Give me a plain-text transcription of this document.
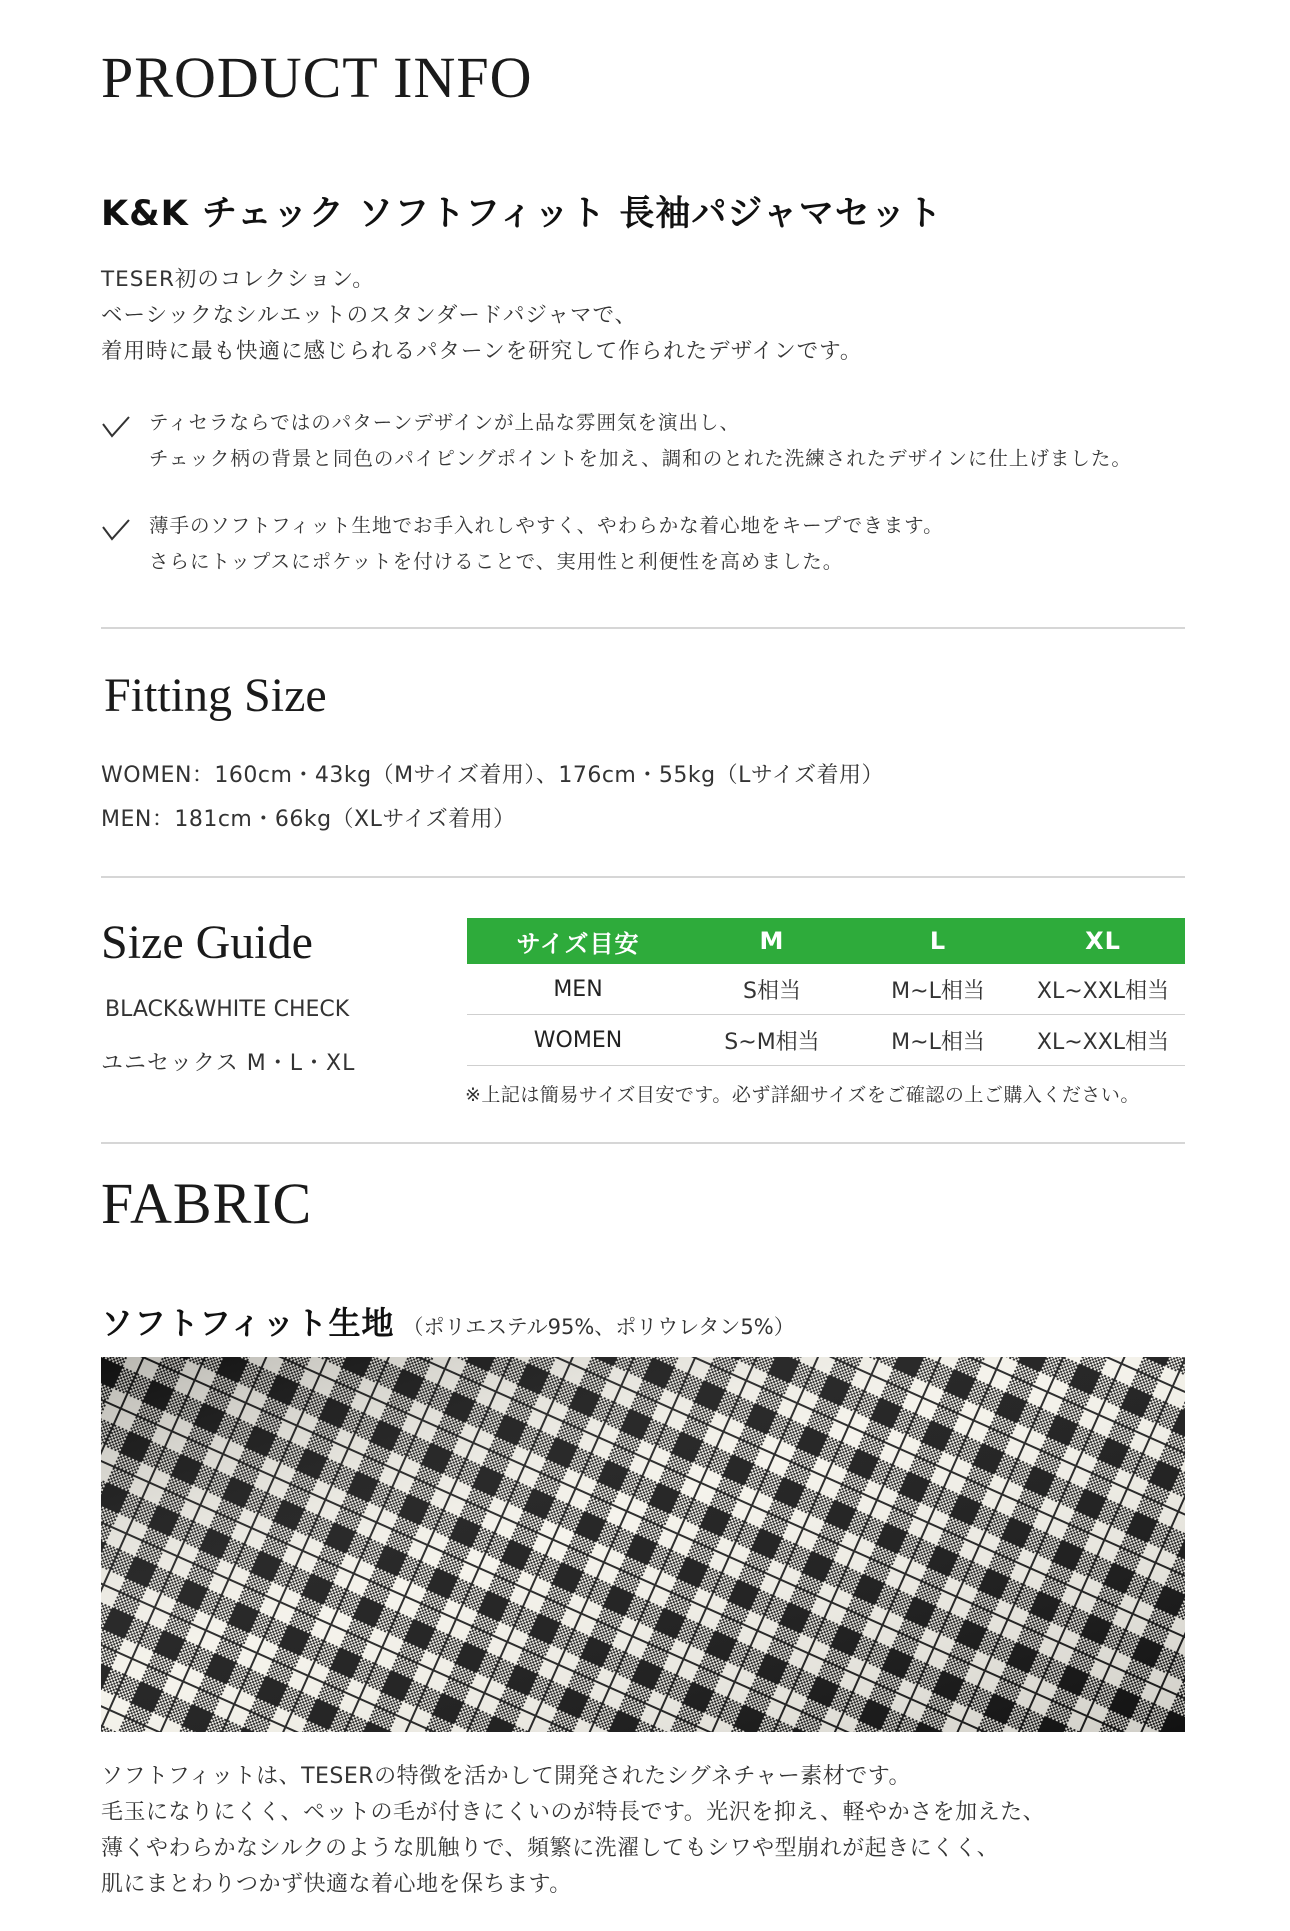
PRODUCT INFO
K&K チェック ソフトフィット 長袖パジャマセット
TESER初のコレクション。
ベーシックなシルエットのスタンダードパジャマで、
着用時に最も快適に感じられるパターンを研究して作られたデザインです。
ティセラならではのパターンデザインが上品な雰囲気を演出し、
チェック柄の背景と同色のパイピングポイントを加え、調和のとれた洗練されたデザインに仕上げました。
薄手のソフトフィット生地でお手入れしやすく、やわらかな着心地をキープできます。
さらにトップスにポケットを付けることで、実用性と利便性を高めました。
Fitting Size
WOMEN：160cm・43kg（Mサイズ着用）、176cm・55kg（Lサイズ着用）
MEN：181cm・66kg（XLサイズ着用）
Size Guide
BLACK&WHITE CHECK
ユニセックス M・L・XL
サイズ目安	M	L	XL
MEN	S相当	M~L相当	XL~XXL相当
WOMEN	S~M相当	M~L相当	XL~XXL相当
※上記は簡易サイズ目安です。必ず詳細サイズをご確認の上ご購入ください。
FABRIC
ソフトフィット生地 （ポリエステル95%、ポリウレタン5%）
ソフトフィットは、TESERの特徴を活かして開発されたシグネチャー素材です。
毛玉になりにくく、ペットの毛が付きにくいのが特長です。光沢を抑え、軽やかさを加えた、
薄くやわらかなシルクのような肌触りで、頻繁に洗濯してもシワや型崩れが起きにくく、
肌にまとわりつかず快適な着心地を保ちます。
